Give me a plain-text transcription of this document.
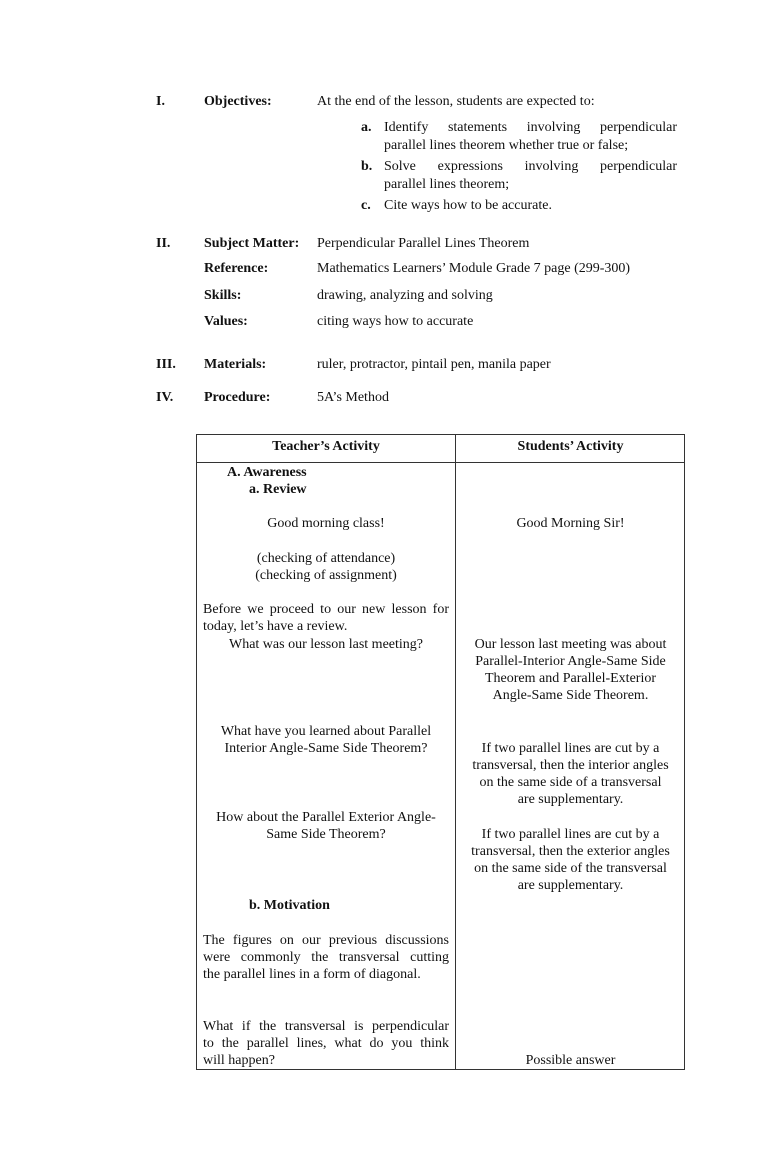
I.	Objectives:	At the end of the lesson, students are expected to:
a. Identify statements involving perpendicular
parallel lines theorem whether true or false;
b. Solve expressions involving perpendicular
parallel lines theorem;
c. Cite ways how to be accurate.
II. Subject Matter: Perpendicular Parallel Lines Theorem
Reference:	Mathematics Learners’ Module Grade 7 page (299-300)
Skills:	drawing, analyzing and solving
Values:	citing ways how to accurate
III. Materials:	ruler, protractor, pintail pen, manila paper
IV. Procedure:	5A’s Method
Teacher’s Activity	Students’ Activity
A. Awareness
a. Review
Good morning class!	Good Morning Sir!
(checking of attendance)
(checking of assignment)
Before we proceed to our new lesson for
today, let’s have a review.
What was our lesson last meeting?	Our lesson last meeting was about
Parallel-Interior Angle-Same Side
Theorem and Parallel-Exterior
Angle-Same Side Theorem.
What have you learned about Parallel
Interior Angle-Same Side Theorem?	If two parallel lines are cut by a
transversal, then the interior angles
on the same side of a transversal
are supplementary.
How about the Parallel Exterior Angle-
Same Side Theorem?	If two parallel lines are cut by a
transversal, then the exterior angles
on the same side of the transversal
are supplementary.
b. Motivation
The figures on our previous discussions
were commonly the transversal cutting
the parallel lines in a form of diagonal.
What if the transversal is perpendicular
to the parallel lines, what do you think
will happen?	Possible answer
